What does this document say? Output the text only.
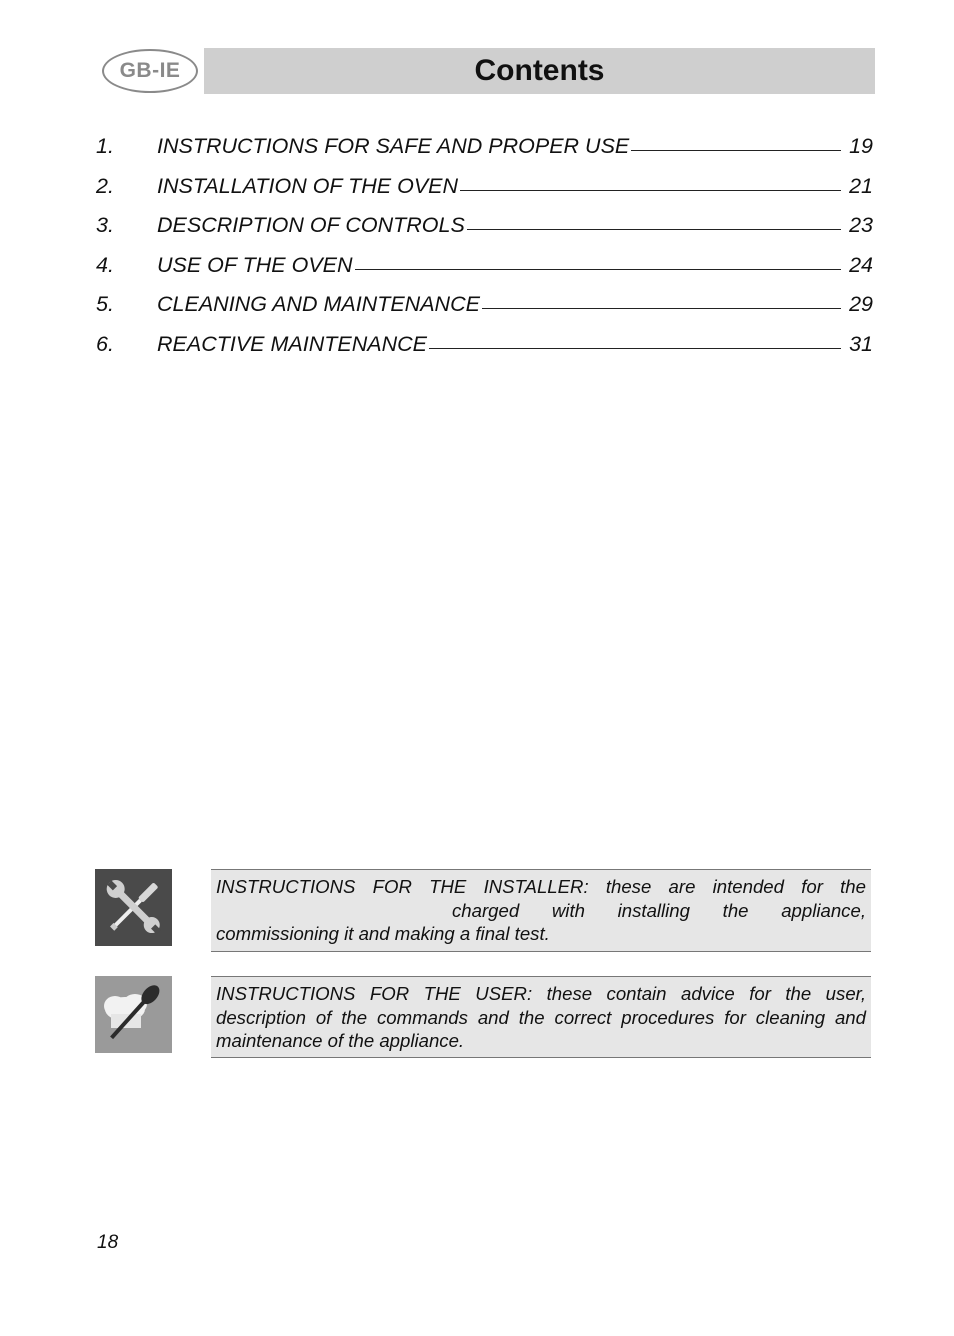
GB-IE	Contents
1. INSTRUCTIONS FOR SAFE AND PROPER USE	19
2. INSTALLATION OF THE OVEN	21
3. DESCRIPTION OF CONTROLS	23
4. USE OF THE OVEN	24
5. CLEANING AND MAINTENANCE	29
6. REACTIVE MAINTENANCE	31
INSTRUCTIONS FOR THE INSTALLER: these are intended for the
charged with installing the appliance,
commissioning it and making a final test.
INSTRUCTIONS FOR THE USER: these contain advice for the user, description of the commands and the correct procedures for cleaning and maintenance of the appliance.
18
